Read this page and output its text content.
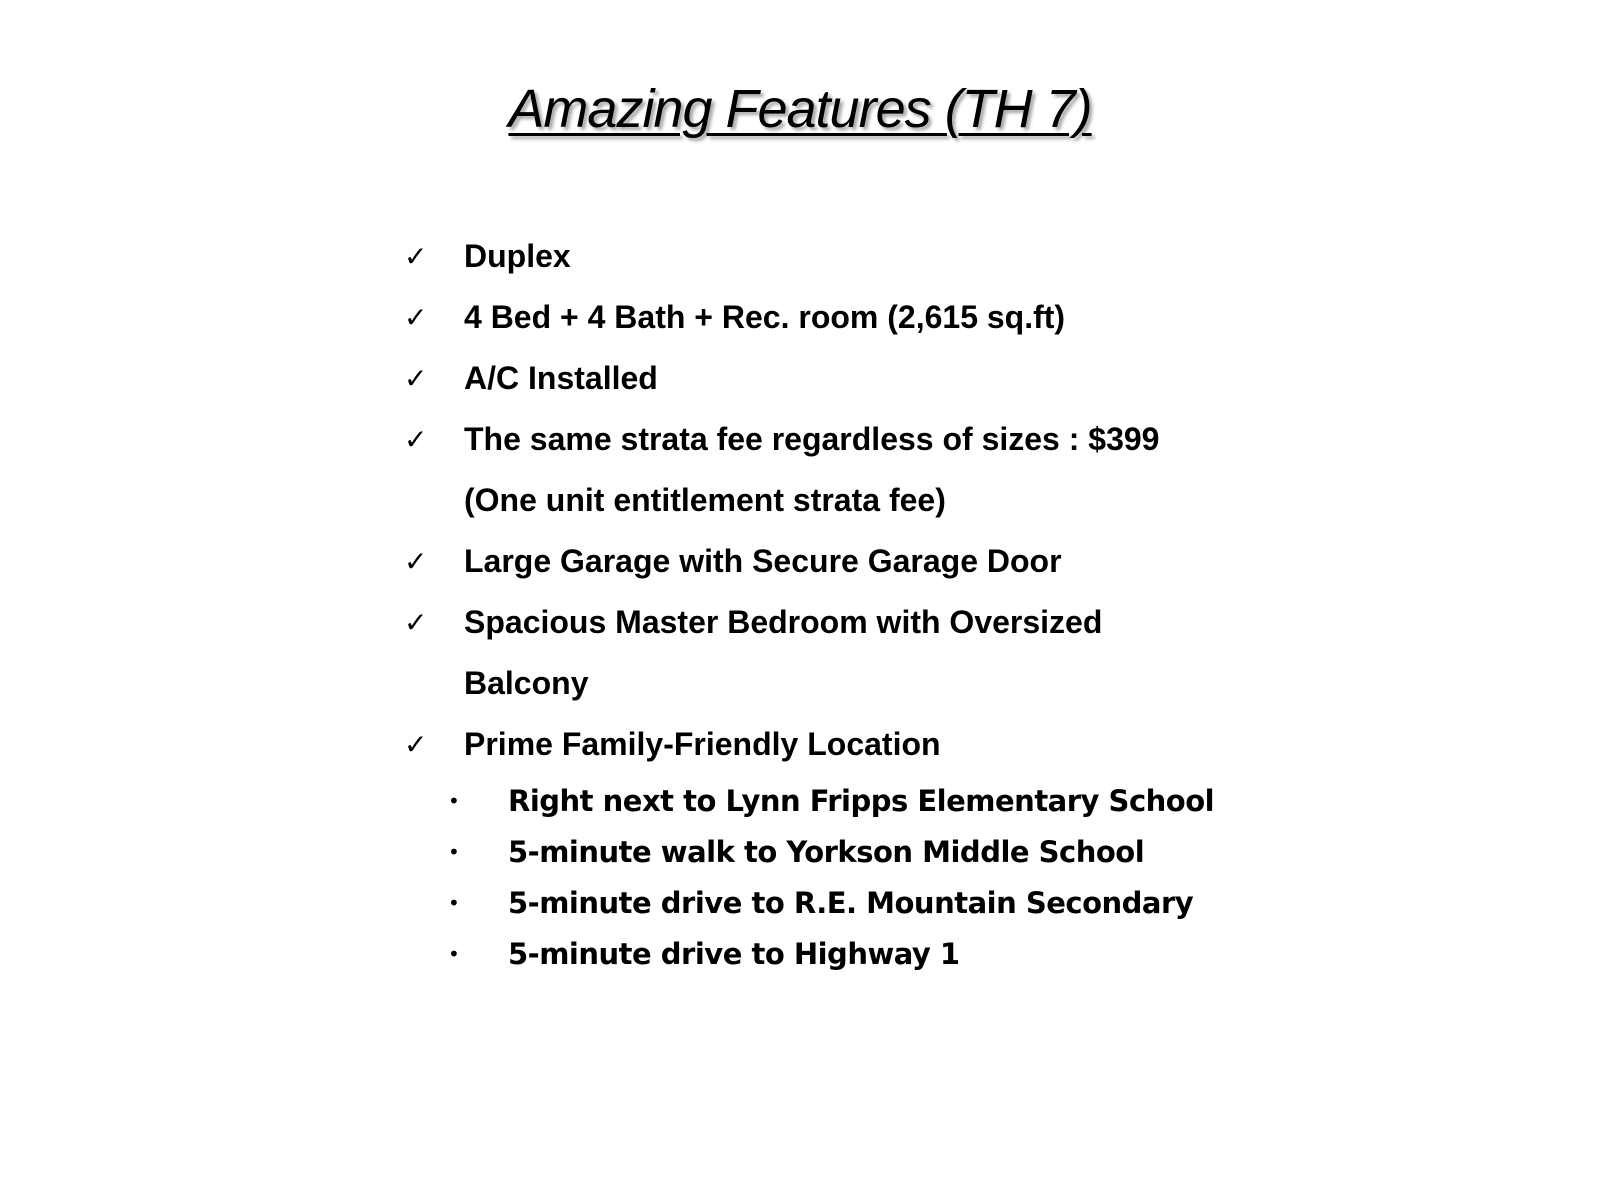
Amazing Features (TH 7)
✓ Duplex
✓ 4 Bed + 4 Bath + Rec. room (2,615 sq.ft)
✓ A/C Installed
✓ The same strata fee regardless of sizes : $399
(One unit entitlement strata fee)
✓ Large Garage with Secure Garage Door
✓ Spacious Master Bedroom with Oversized
Balcony
✓ Prime Family-Friendly Location
• Right next to Lynn Fripps Elementary School
• 5-minute walk to Yorkson Middle School
• 5-minute drive to R.E. Mountain Secondary
• 5-minute drive to Highway 1
